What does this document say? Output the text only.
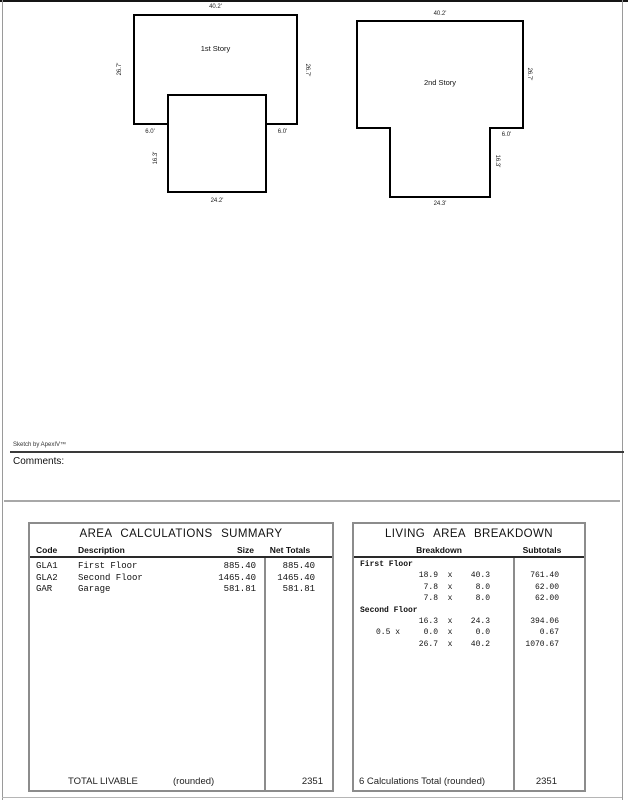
1st Story
40.2'
26.7'	26.7'
6.0'	6.0'
16.3'
24.2'
2nd Story
40.2'
26.7'
6.0'
16.3'
24.3'
Sketch by ApexIV™
Comments:
AREA CALCULATIONS SUMMARY
Code Description	Size	Net Totals
GLA1 First Floor	885.40	885.40
GLA2 Second Floor	1465.40	1465.40
GAR	Garage	581.81	581.81
TOTAL LIVABLE	(rounded)	2351
LIVING AREA BREAKDOWN
Breakdown	Subtotals
First Floor
18.9	x	40.3	761.40
7.8	x	8.0	62.00
7.8	x	8.0	62.00
Second Floor
16.3	x	24.3	394.06
0.5 x	0.0	x	0.0	0.67
26.7	x	40.2	1070.67
6 Calculations Total (rounded)	2351
